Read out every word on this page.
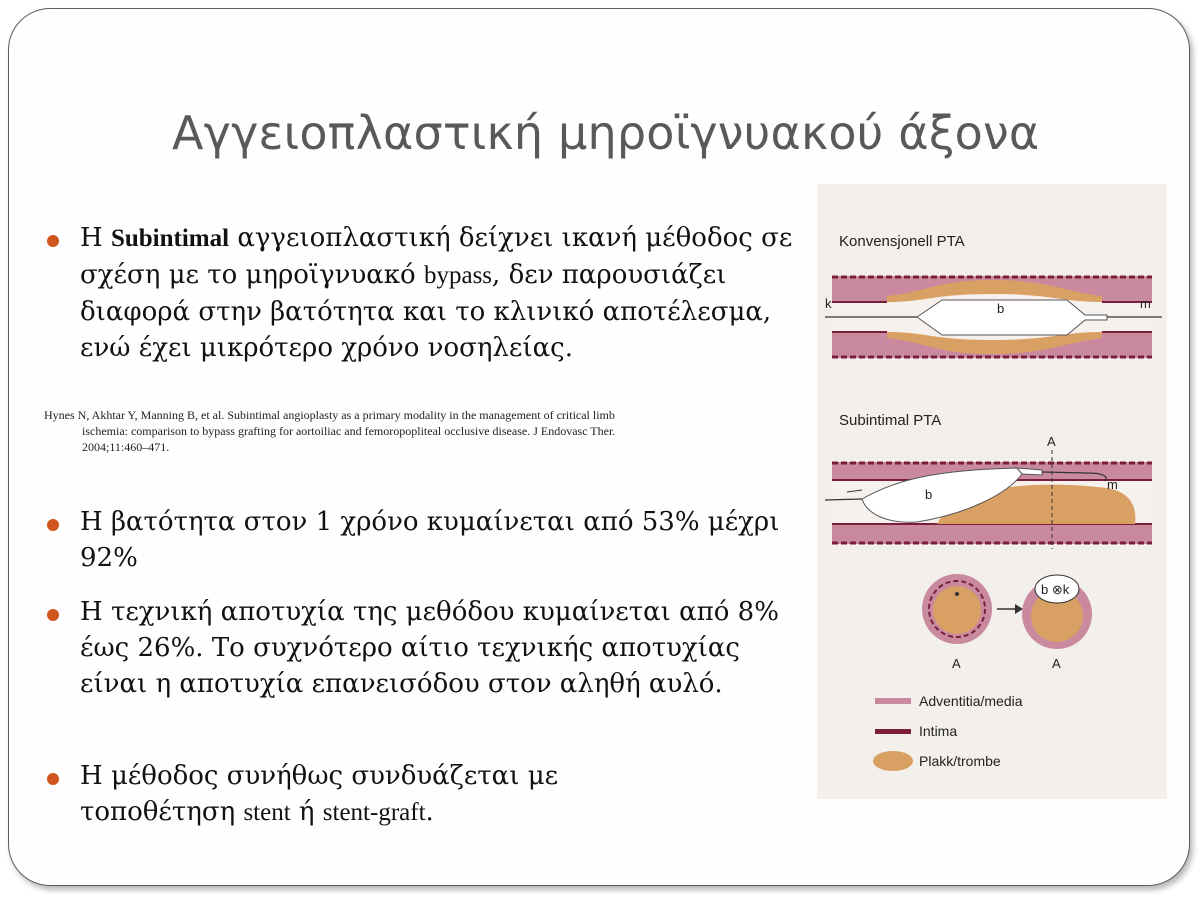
Αγγειοπλαστική μηροϊγνυακού άξονα
Η Subintimal αγγειοπλαστική δείχνει ικανή μέθοδος σε σχέση με το μηροϊγνυακό bypass, δεν παρουσιάζει διαφορά στην βατότητα και το κλινικό αποτέλεσμα, ενώ έχει μικρότερο χρόνο νοσηλείας.
Hynes N, Akhtar Y, Manning B, et al. Subintimal angioplasty as a primary modality in the management of critical limb
ischemia: comparison to bypass grafting for aortoiliac and femoropopliteal occlusive disease. J Endovasc Ther.
2004;11:460–471.
Η βατότητα στον 1 χρόνο κυμαίνεται από 53% μέχρι 92%
Η τεχνική αποτυχία της μεθόδου κυμαίνεται από 8% έως 26%. Το συχνότερο αίτιο τεχνικής αποτυχίας είναι η αποτυχία επανεισόδου στον αληθή αυλό.
Η μέθοδος συνήθως συνδυάζεται με τοποθέτηση stent ή stent-graft.
Konvensjonell PTA
k	b	m
Subintimal PTA
A
b
m
A
b ⊗k
A
Adventitia/media
Intima
Plakk/trombe
